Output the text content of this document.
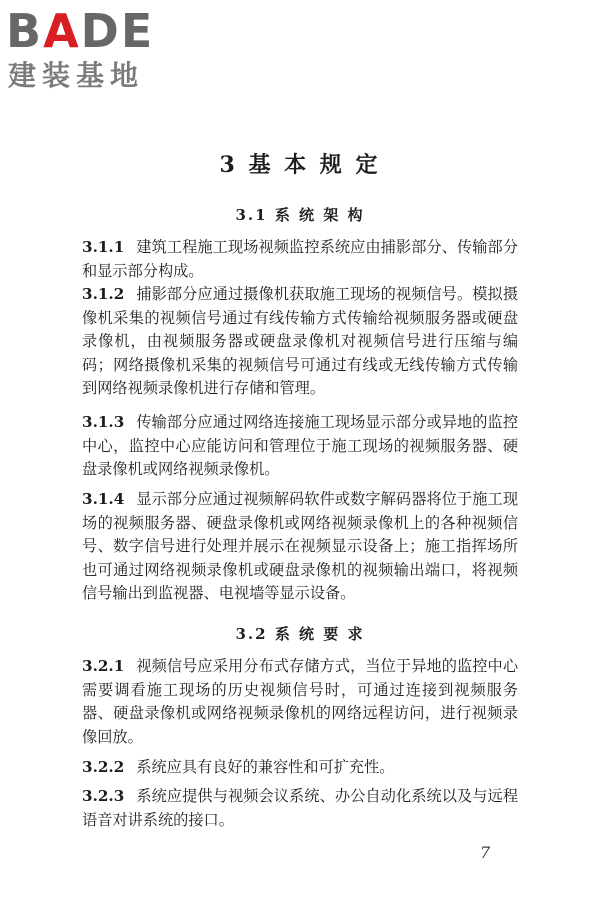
BADE
建装基地
3 基 本 规 定
3.1 系 统 架 构
3.1.1 建筑工程施工现场视频监控系统应由捕影部分、传输部分和显示部分构成。
3.1.2 捕影部分应通过摄像机获取施工现场的视频信号。模拟摄像机采集的视频信号通过有线传输方式传输给视频服务器或硬盘录像机，由视频服务器或硬盘录像机对视频信号进行压缩与编码；网络摄像机采集的视频信号可通过有线或无线传输方式传输到网络视频录像机进行存储和管理。
3.1.3 传输部分应通过网络连接施工现场显示部分或异地的监控中心，监控中心应能访问和管理位于施工现场的视频服务器、硬盘录像机或网络视频录像机。
3.1.4 显示部分应通过视频解码软件或数字解码器将位于施工现场的视频服务器、硬盘录像机或网络视频录像机上的各种视频信号、数字信号进行处理并展示在视频显示设备上；施工指挥场所也可通过网络视频录像机或硬盘录像机的视频输出端口，将视频信号输出到监视器、电视墙等显示设备。
3.2 系 统 要 求
3.2.1 视频信号应采用分布式存储方式，当位于异地的监控中心需要调看施工现场的历史视频信号时，可通过连接到视频服务器、硬盘录像机或网络视频录像机的网络远程访问，进行视频录像回放。
3.2.2 系统应具有良好的兼容性和可扩充性。
3.2.3 系统应提供与视频会议系统、办公自动化系统以及与远程语音对讲系统的接口。
7
